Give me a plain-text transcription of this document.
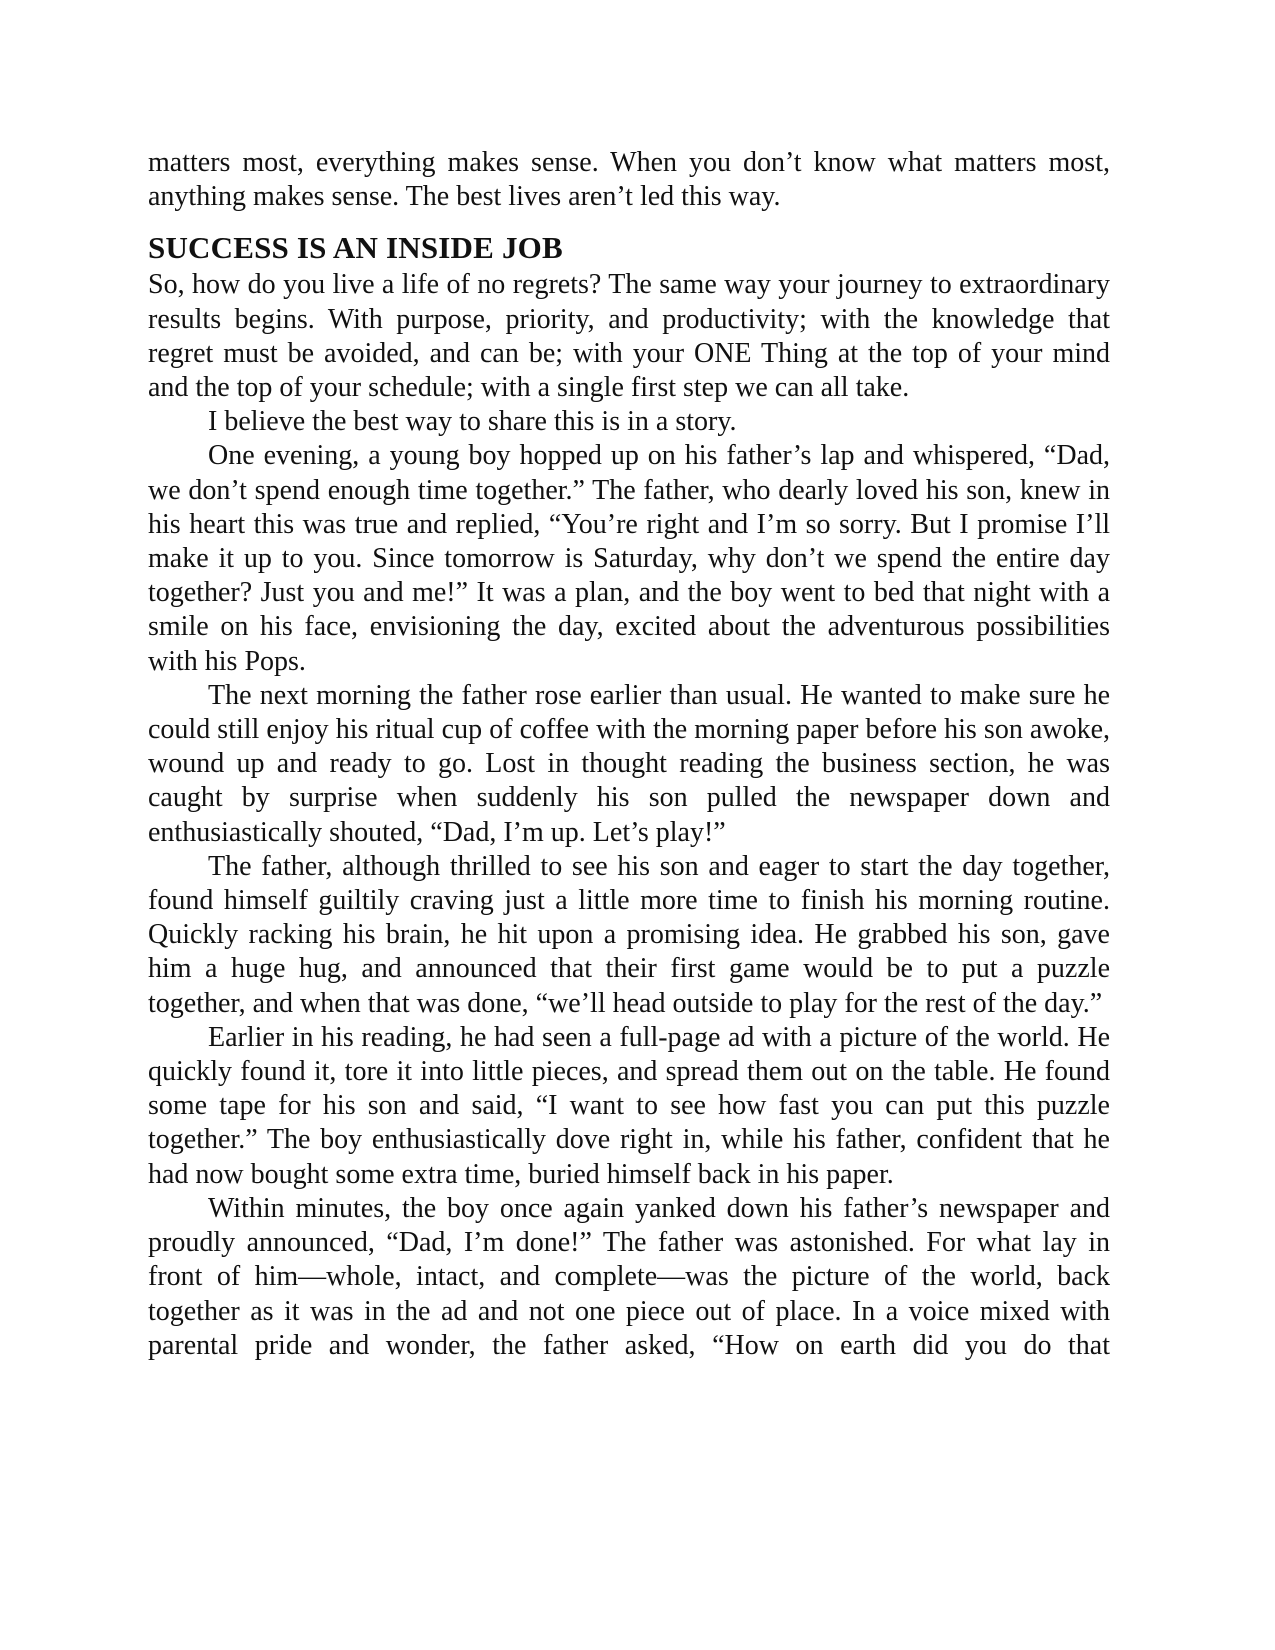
matters most, everything makes sense. When you don’t know what matters most, anything makes sense. The best lives aren’t led this way.

SUCCESS IS AN INSIDE JOB

So, how do you live a life of no regrets? The same way your journey to extraordinary results begins. With purpose, priority, and productivity; with the knowledge that regret must be avoided, and can be; with your ONE Thing at the top of your mind and the top of your schedule; with a single first step we can all take.

I believe the best way to share this is in a story.

One evening, a young boy hopped up on his father’s lap and whispered, “Dad, we don’t spend enough time together.” The father, who dearly loved his son, knew in his heart this was true and replied, “You’re right and I’m so sorry. But I promise I’ll make it up to you. Since tomorrow is Saturday, why don’t we spend the entire day together? Just you and me!” It was a plan, and the boy went to bed that night with a smile on his face, envisioning the day, excited about the adventurous possibilities with his Pops.

The next morning the father rose earlier than usual. He wanted to make sure he could still enjoy his ritual cup of coffee with the morning paper before his son awoke, wound up and ready to go. Lost in thought reading the business section, he was caught by surprise when suddenly his son pulled the newspaper down and enthusiastically shouted, “Dad, I’m up. Let’s play!”

The father, although thrilled to see his son and eager to start the day together, found himself guiltily craving just a little more time to finish his morning routine. Quickly racking his brain, he hit upon a promising idea. He grabbed his son, gave him a huge hug, and announced that their first game would be to put a puzzle together, and when that was done, “we’ll head outside to play for the rest of the day.”

Earlier in his reading, he had seen a full-page ad with a picture of the world. He quickly found it, tore it into little pieces, and spread them out on the table. He found some tape for his son and said, “I want to see how fast you can put this puzzle together.” The boy enthusiastically dove right in, while his father, confident that he had now bought some extra time, buried himself back in his paper.

Within minutes, the boy once again yanked down his father’s newspaper and proudly announced, “Dad, I’m done!” The father was astonished. For what lay in front of him—whole, intact, and complete—was the picture of the world, back together as it was in the ad and not one piece out of place. In a voice mixed with parental pride and wonder, the father asked, “How on earth did you do that
